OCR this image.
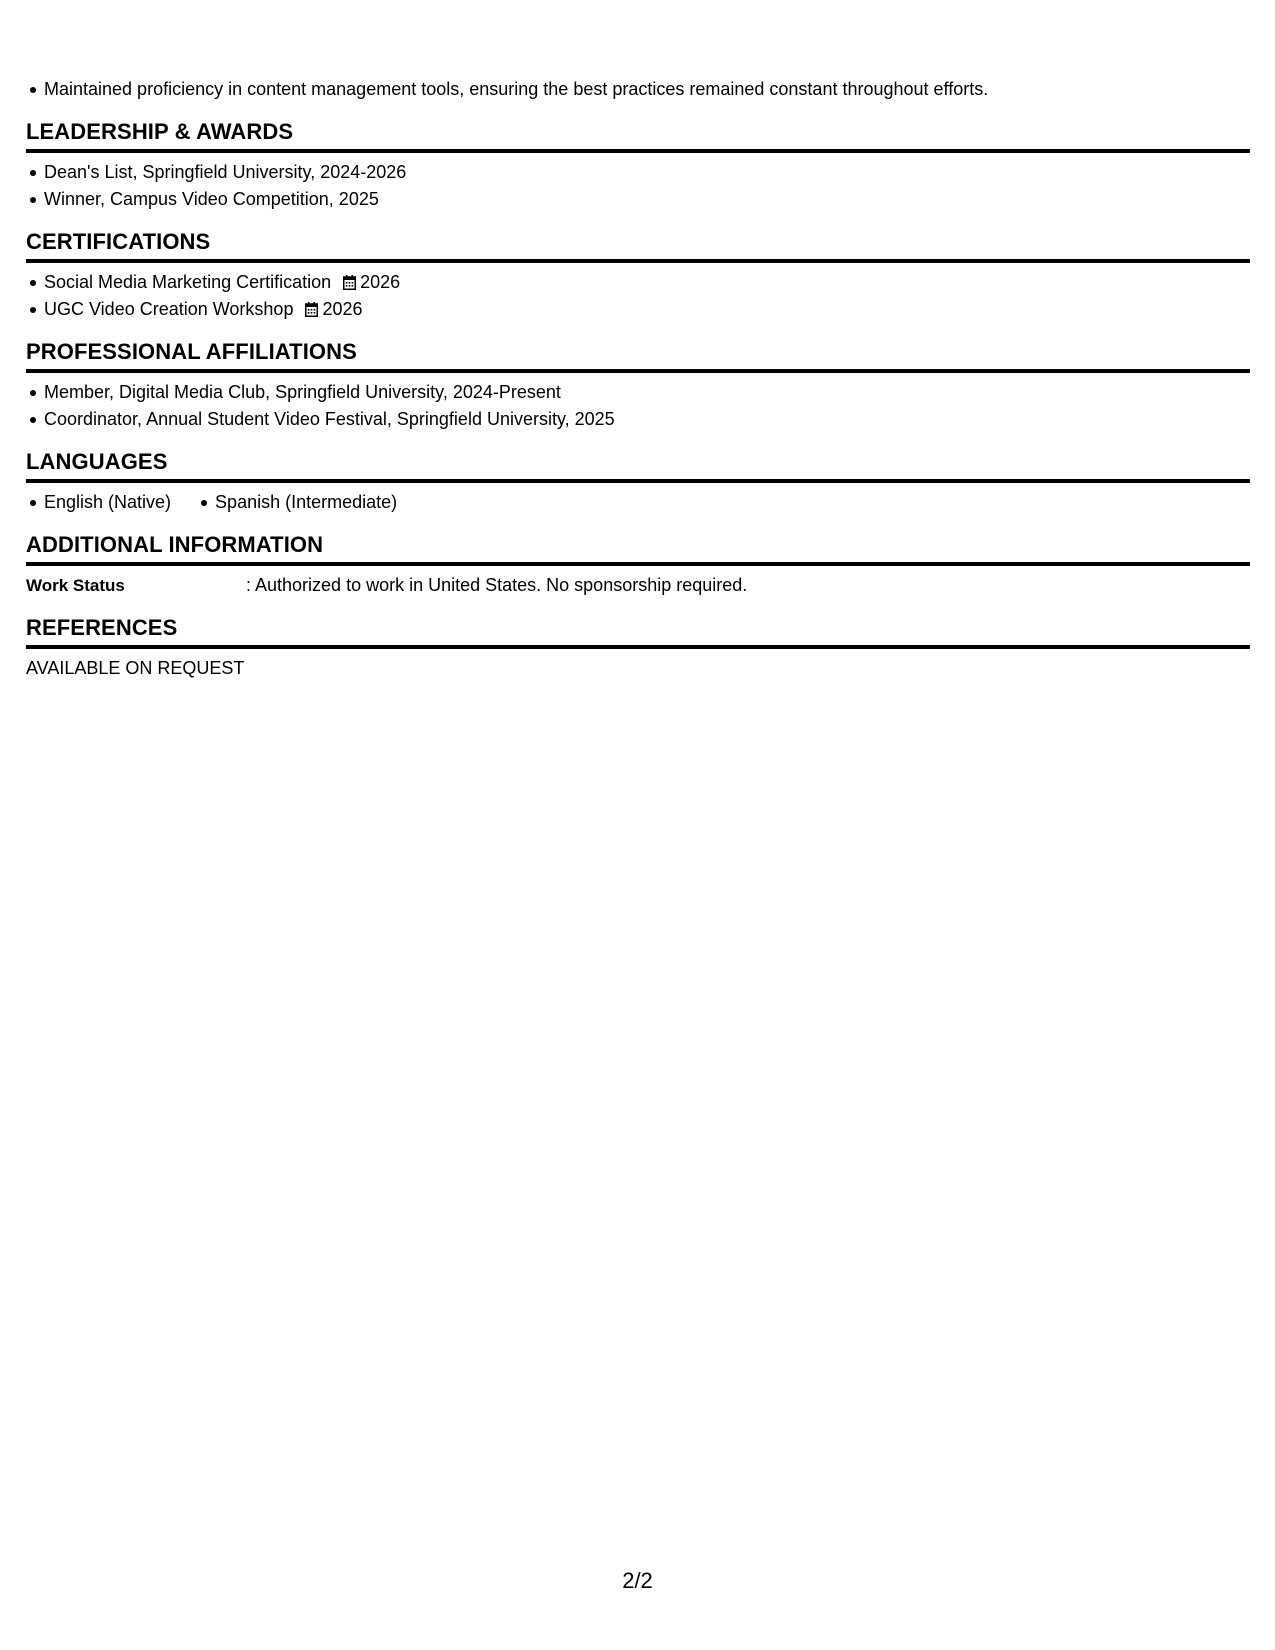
Maintained proficiency in content management tools, ensuring the best practices remained constant throughout efforts.
LEADERSHIP & AWARDS
Dean's List, Springfield University, 2024-2026
Winner, Campus Video Competition, 2025
CERTIFICATIONS
Social Media Marketing Certification 2026
UGC Video Creation Workshop 2026
PROFESSIONAL AFFILIATIONS
Member, Digital Media Club, Springfield University, 2024-Present
Coordinator, Annual Student Video Festival, Springfield University, 2025
LANGUAGES
English (Native) Spanish (Intermediate)
ADDITIONAL INFORMATION
Work Status	: Authorized to work in United States. No sponsorship required.
REFERENCES
AVAILABLE ON REQUEST
2/2
